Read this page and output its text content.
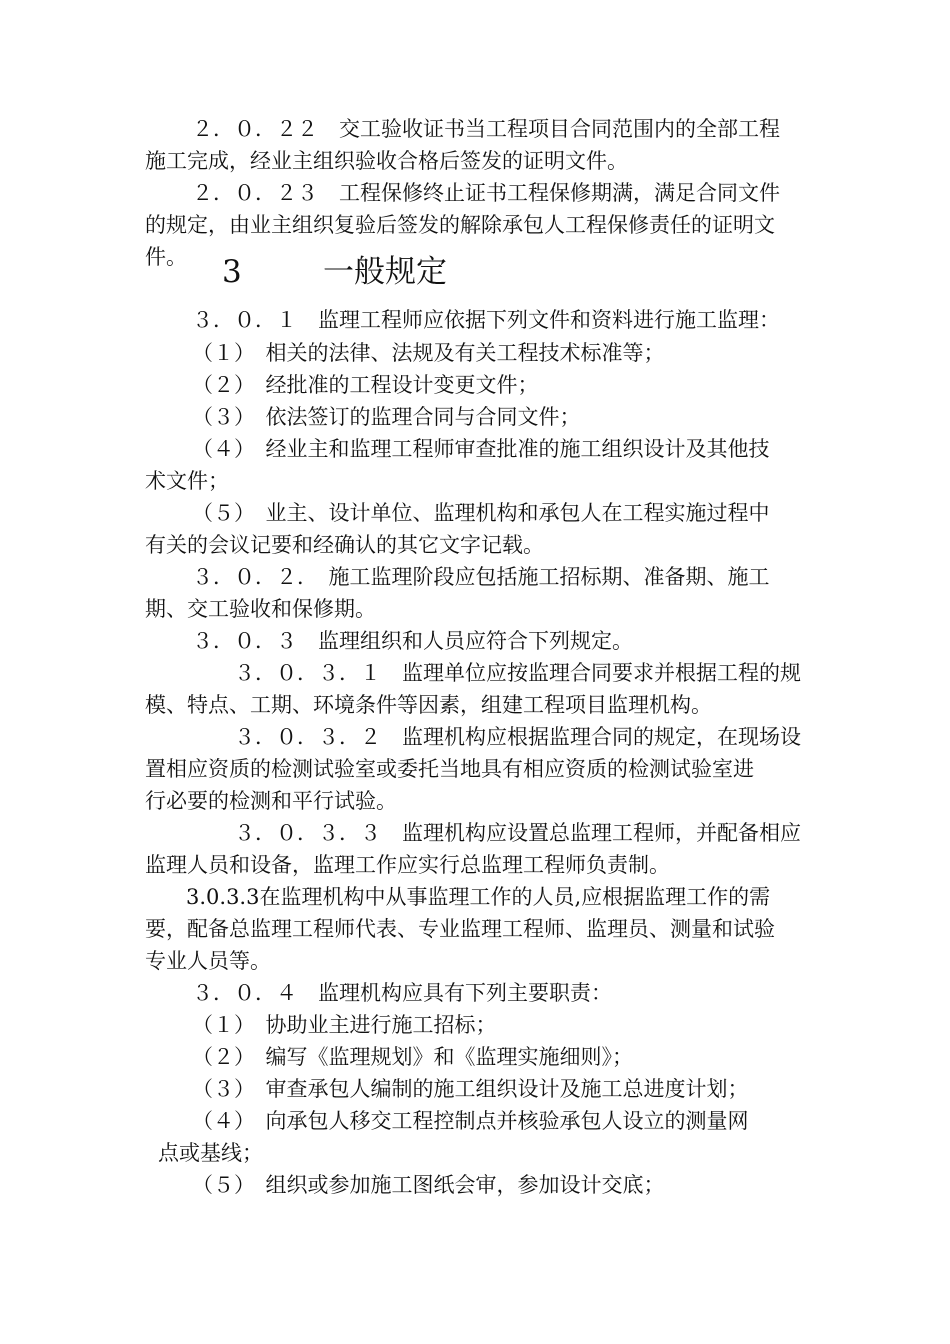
２．０．２２　交工验收证书当工程项目合同范围内的全部工程
施工完成，经业主组织验收合格后签发的证明文件。
２．０．２３　工程保修终止证书工程保修期满，满足合同文件
的规定，由业主组织复验后签发的解除承包人工程保修责任的证明文
件。 3	一般规定
３．０．１　监理工程师应依据下列文件和资料进行施工监理：
（１）　相关的法律、法规及有关工程技术标准等；
（２）　经批准的工程设计变更文件；
（３）　依法签订的监理合同与合同文件；
（４）　经业主和监理工程师审查批准的施工组织设计及其他技
术文件；
（５）　业主、设计单位、监理机构和承包人在工程实施过程中
有关的会议记要和经确认的其它文字记载。
３．０．２．　施工监理阶段应包括施工招标期、准备期、施工
期、交工验收和保修期。
３．０．３　监理组织和人员应符合下列规定。
３．０．３．１　监理单位应按监理合同要求并根据工程的规
模、特点、工期、环境条件等因素，组建工程项目监理机构。
３．０．３．２　监理机构应根据监理合同的规定，在现场设
置相应资质的检测试验室或委托当地具有相应资质的检测试验室进
行必要的检测和平行试验。
３．０．３．３　监理机构应设置总监理工程师，并配备相应
监理人员和设备，监理工作应实行总监理工程师负责制。
3.0.3.3在监理机构中从事监理工作的人员,应根据监理工作的需
要，配备总监理工程师代表、专业监理工程师、监理员、测量和试验
专业人员等。
３．０．４　监理机构应具有下列主要职责：
（１）　协助业主进行施工招标；
（２）　编写《监理规划》和《监理实施细则》；
（３）　审查承包人编制的施工组织设计及施工总进度计划；
（４）　向承包人移交工程控制点并核验承包人设立的测量网
点或基线；
（５）　组织或参加施工图纸会审，参加设计交底；
